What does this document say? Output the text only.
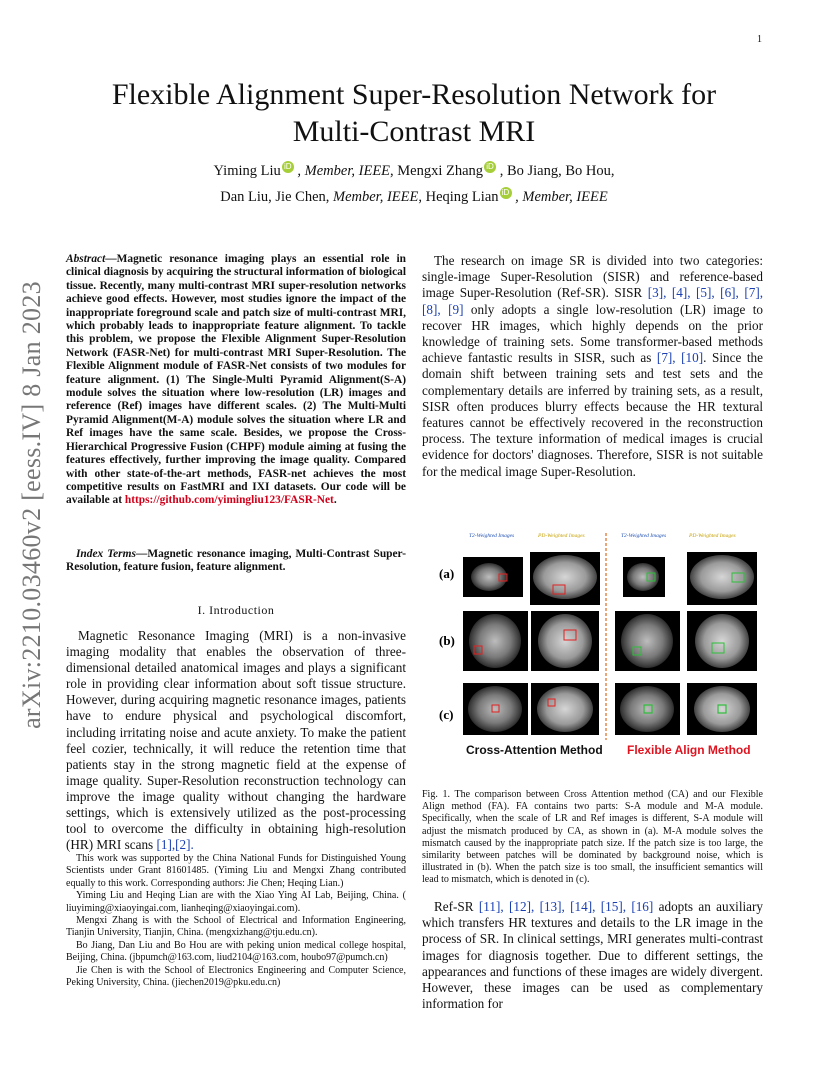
1
arXiv:2210.03460v2 [eess.IV] 8 Jan 2023
Flexible Alignment Super-Resolution Network for
Multi-Contrast MRI
Yiming Liu iD , Member, IEEE, Mengxi Zhang iD , Bo Jiang, Bo Hou,
Dan Liu, Jie Chen, Member, IEEE, Heqing Lian iD , Member, IEEE
Abstract—Magnetic resonance imaging plays an essential role in clinical diagnosis by acquiring the structural information of biological tissue. Recently, many multi-contrast MRI super-resolution networks achieve good effects. However, most studies ignore the impact of the inappropriate foreground scale and patch size of multi-contrast MRI, which probably leads to inappropriate feature alignment. To tackle this problem, we propose the Flexible Alignment Super-Resolution Network (FASR-Net) for multi-contrast MRI Super-Resolution. The Flexible Alignment module of FASR-Net consists of two modules for feature alignment. (1) The Single-Multi Pyramid Alignment(S-A) module solves the situation where low-resolution (LR) images and reference (Ref) images have different scales. (2) The Multi-Multi Pyramid Alignment(M-A) module solves the situation where LR and Ref images have the same scale. Besides, we propose the Cross-Hierarchical Progressive Fusion (CHPF) module aiming at fusing the features effectively, further improving the image quality. Compared with other state-of-the-art methods, FASR-net achieves the most competitive results on FastMRI and IXI datasets. Our code will be available at https://github.com/yimingliu123/FASR-Net.
Index Terms—Magnetic resonance imaging, Multi-Contrast Super-Resolution, feature fusion, feature alignment.
I. Introduction
Magnetic Resonance Imaging (MRI) is a non-invasive imaging modality that enables the observation of three-dimensional detailed anatomical images and plays a significant role in providing clear information about soft tissue structure. However, during acquiring magnetic resonance images, patients have to endure physical and psychological discomfort, including irritating noise and acute anxiety. To make the patient feel cozier, technically, it will reduce the retention time that patients stay in the strong magnetic field at the expense of image quality. Super-Resolution reconstruction technology can improve the image quality without changing the hardware settings, which is extensively utilized as the post-processing tool to overcome the difficulty in obtaining high-resolution (HR) MRI scans [1],[2].

This work was supported by the China National Funds for Distinguished Young Scientists under Grant 81601485. (Yiming Liu and Mengxi Zhang contributed equally to this work. Corresponding authors: Jie Chen; Heqing Lian.)

Yiming Liu and Heqing Lian are with the Xiao Ying AI Lab, Beijing, China. ( liuyiming@xiaoyingai.com, lianheqing@xiaoyingai.com).

Mengxi Zhang is with the School of Electrical and Information Engineering, Tianjin University, Tianjin, China. (mengxizhang@tju.edu.cn).

Bo Jiang, Dan Liu and Bo Hou are with peking union medical college hospital, Beijing, China. (jbpumch@163.com, liud2104@163.com, houbo97@pumch.cn)

Jie Chen is with the School of Electronics Engineering and Computer Science, Peking University, China. (jiechen2019@pku.edu.cn)

The research on image SR is divided into two categories: single-image Super-Resolution (SISR) and reference-based image Super-Resolution (Ref-SR). SISR [3], [4], [5], [6], [7], [8], [9] only adopts a single low-resolution (LR) image to recover HR images, which highly depends on the prior knowledge of training sets. Some transformer-based methods achieve fantastic results in SISR, such as [7], [10]. Since the domain shift between training sets and test sets and the complementary details are inferred by training sets, as a result, SISR often produces blurry effects because the HR textural features cannot be effectively recovered in the reconstruction process. The texture information of medical images is crucial evidence for doctors' diagnoses. Therefore, SISR is not suitable for the medical image Super-Resolution.
T2-Weighted Images	PD-Weighted Images	T2-Weighted Images	PD-Weighted Images
(a)
(b)
(c)
Cross-Attention Method Flexible Align Method
Fig. 1. The comparison between Cross Attention method (CA) and our Flexible Align method (FA). FA contains two parts: S-A module and M-A module. Specifically, when the scale of LR and Ref images is different, S-A module will adjust the mismatch produced by CA, as shown in (a). M-A module solves the mismatch caused by the inappropriate patch size. If the patch size is too large, the similarity between patches will be dominated by background noise, which is illustrated in (b). When the patch size is too small, the insufficient semantics will lead to mismatch, which is denoted in (c).
Ref-SR [11], [12], [13], [14], [15], [16] adopts an auxiliary which transfers HR textures and details to the LR image in the process of SR. In clinical settings, MRI generates multi-contrast images for diagnosis together. Due to different settings, the appearances and functions of these images are widely divergent. However, these images can be used as complementary information for
